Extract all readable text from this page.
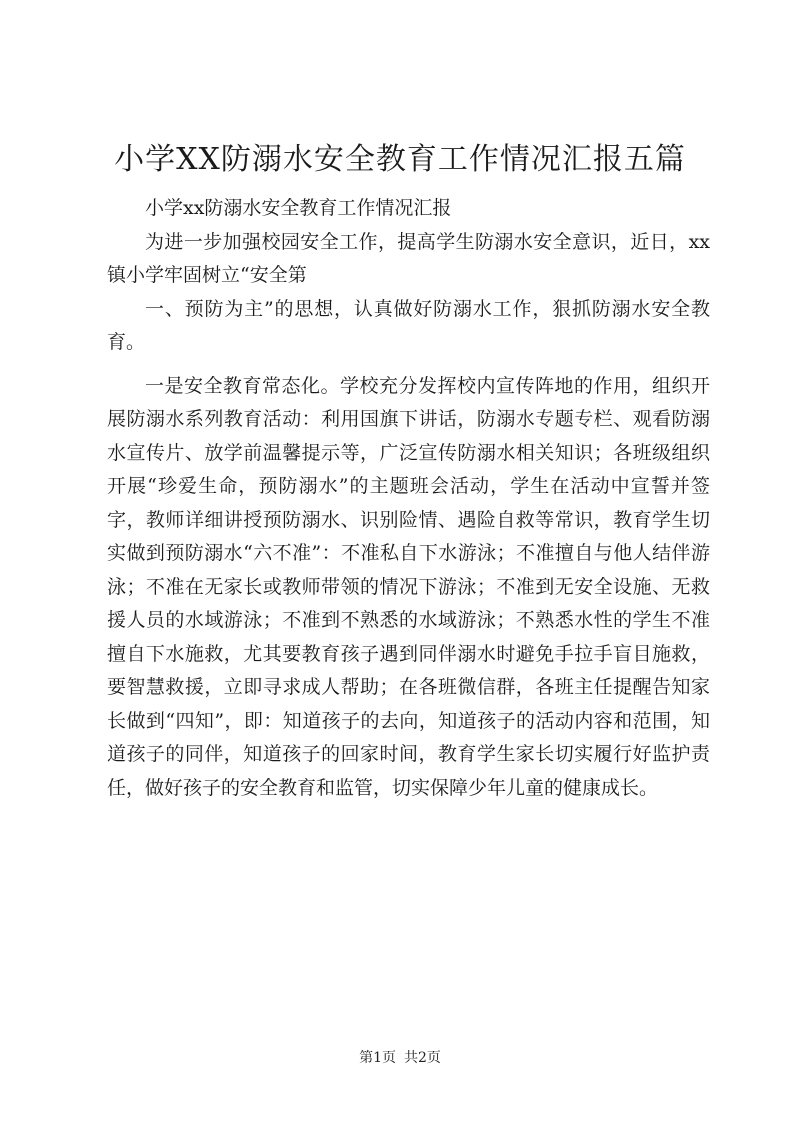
小学XX防溺水安全教育工作情况汇报五篇

小学xx防溺水安全教育工作情况汇报

为进一步加强校园安全工作，提高学生防溺水安全意识，近日，xx镇小学牢固树立“安全第

一、预防为主”的思想，认真做好防溺水工作，狠抓防溺水安全教育。

一是安全教育常态化。学校充分发挥校内宣传阵地的作用，组织开展防溺水系列教育活动：利用国旗下讲话，防溺水专题专栏、观看防溺水宣传片、放学前温馨提示等，广泛宣传防溺水相关知识；各班级组织开展“珍爱生命，预防溺水”的主题班会活动，学生在活动中宣誓并签字，教师详细讲授预防溺水、识别险情、遇险自救等常识，教育学生切实做到预防溺水“六不准”：不准私自下水游泳；不准擅自与他人结伴游泳；不准在无家长或教师带领的情况下游泳；不准到无安全设施、无救援人员的水域游泳；不准到不熟悉的水域游泳；不熟悉水性的学生不准擅自下水施救，尤其要教育孩子遇到同伴溺水时避免手拉手盲目施救，要智慧救援，立即寻求成人帮助；在各班微信群，各班主任提醒告知家长做到“四知”，即：知道孩子的去向，知道孩子的活动内容和范围，知道孩子的同伴，知道孩子的回家时间，教育学生家长切实履行好监护责任，做好孩子的安全教育和监管，切实保障少年儿童的健康成长。

第1页 共2页
